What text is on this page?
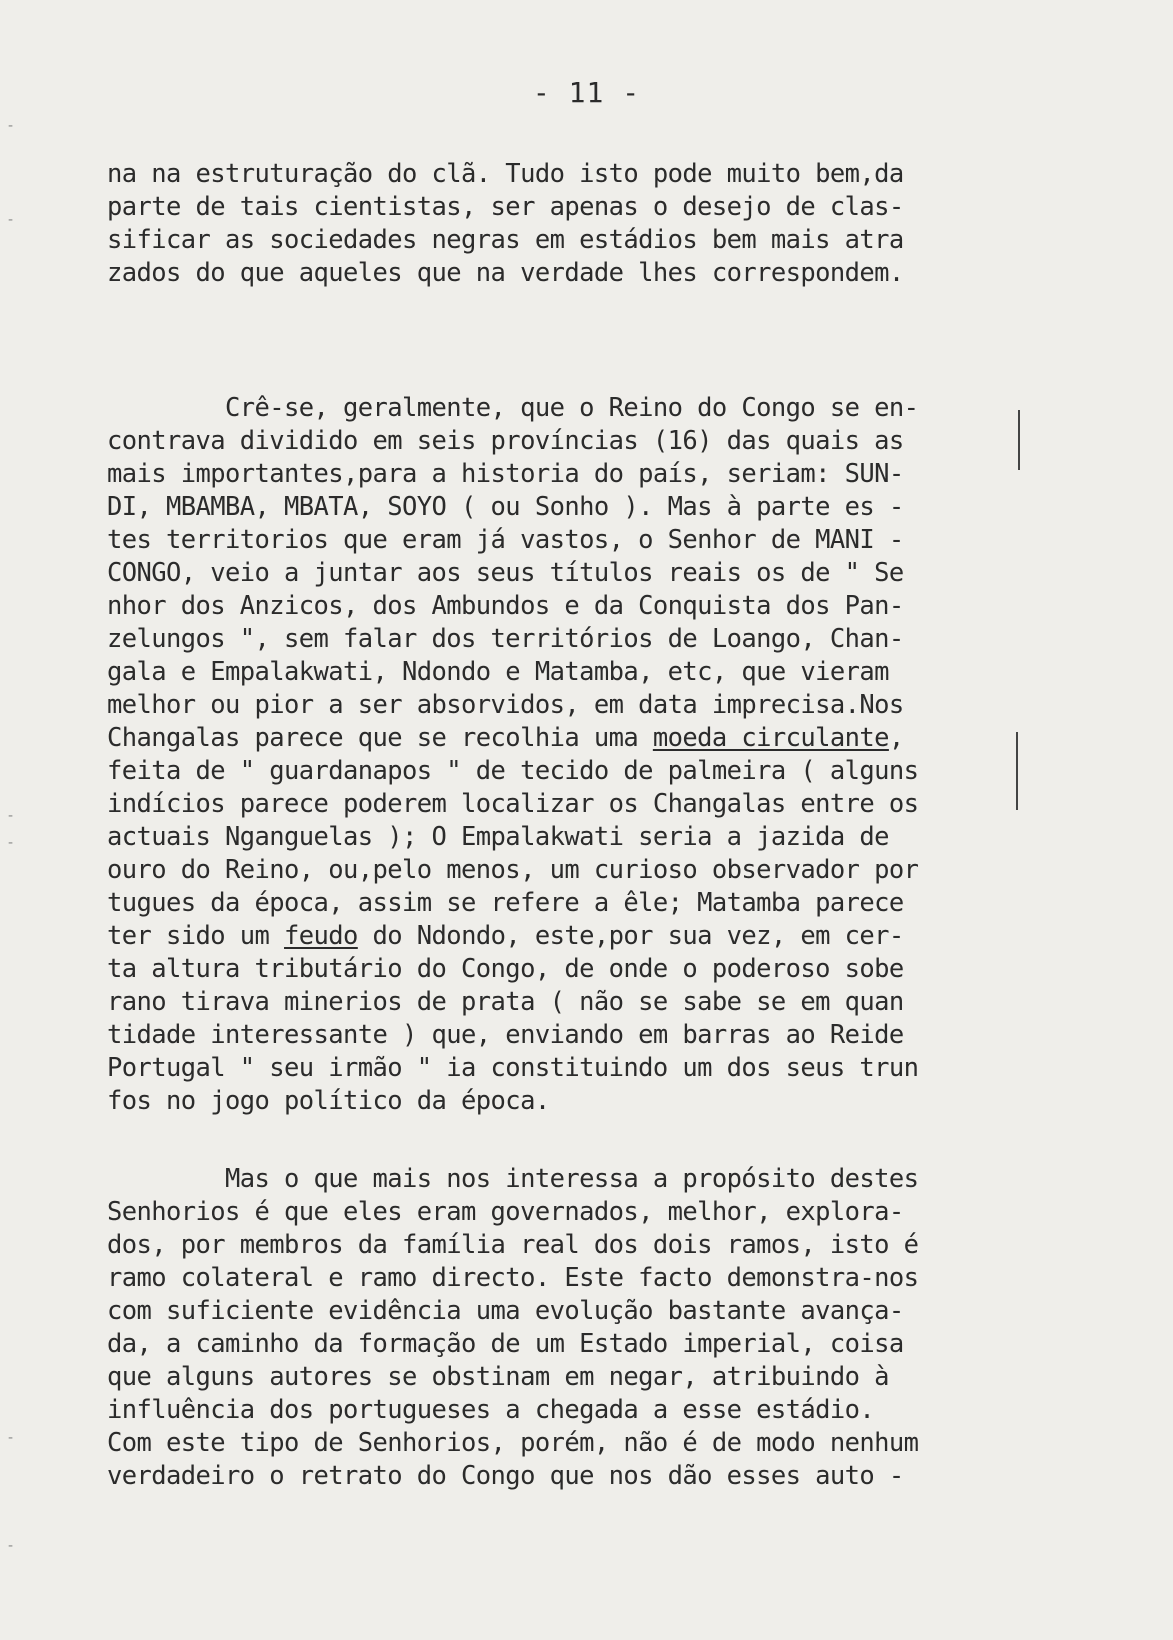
- 11 -
na na estruturação do clã. Tudo isto pode muito bem,da
parte de tais cientistas, ser apenas o desejo de clas-
sificar as sociedades negras em estádios bem mais atra
zados do que aqueles que na verdade lhes correspondem.
Crê-se, geralmente, que o Reino do Congo se en-
contrava dividido em seis províncias (16) das quais as
mais importantes,para a historia do país, seriam: SUN-
DI, MBAMBA, MBATA, SOYO ( ou Sonho ). Mas à parte es -
tes territorios que eram já vastos, o Senhor de MANI -
CONGO, veio a juntar aos seus títulos reais os de " Se
nhor dos Anzicos, dos Ambundos e da Conquista dos Pan-
zelungos ", sem falar dos territórios de Loango, Chan-
gala e Empalakwati, Ndondo e Matamba, etc, que vieram
melhor ou pior a ser absorvidos, em data imprecisa.Nos
Changalas parece que se recolhia uma moeda circulante,
feita de " guardanapos " de tecido de palmeira ( alguns
indícios parece poderem localizar os Changalas entre os
actuais Nganguelas ); O Empalakwati seria a jazida de
ouro do Reino, ou,pelo menos, um curioso observador por
tugues da época, assim se refere a êle; Matamba parece
ter sido um feudo do Ndondo, este,por sua vez, em cer-
ta altura tributário do Congo, de onde o poderoso sobe
rano tirava minerios de prata ( não se sabe se em quan
tidade interessante ) que, enviando em barras ao Reide
Portugal " seu irmão " ia constituindo um dos seus trun
fos no jogo político da época.
Mas o que mais nos interessa a propósito destes
Senhorios é que eles eram governados, melhor, explora-
dos, por membros da família real dos dois ramos, isto é
ramo colateral e ramo directo. Este facto demonstra-nos
com suficiente evidência uma evolução bastante avança-
da, a caminho da formação de um Estado imperial, coisa
que alguns autores se obstinam em negar, atribuindo à
influência dos portugueses a chegada a esse estádio.
Com este tipo de Senhorios, porém, não é de modo nenhum
verdadeiro o retrato do Congo que nos dão esses auto -
-
-
-
-
-
-
